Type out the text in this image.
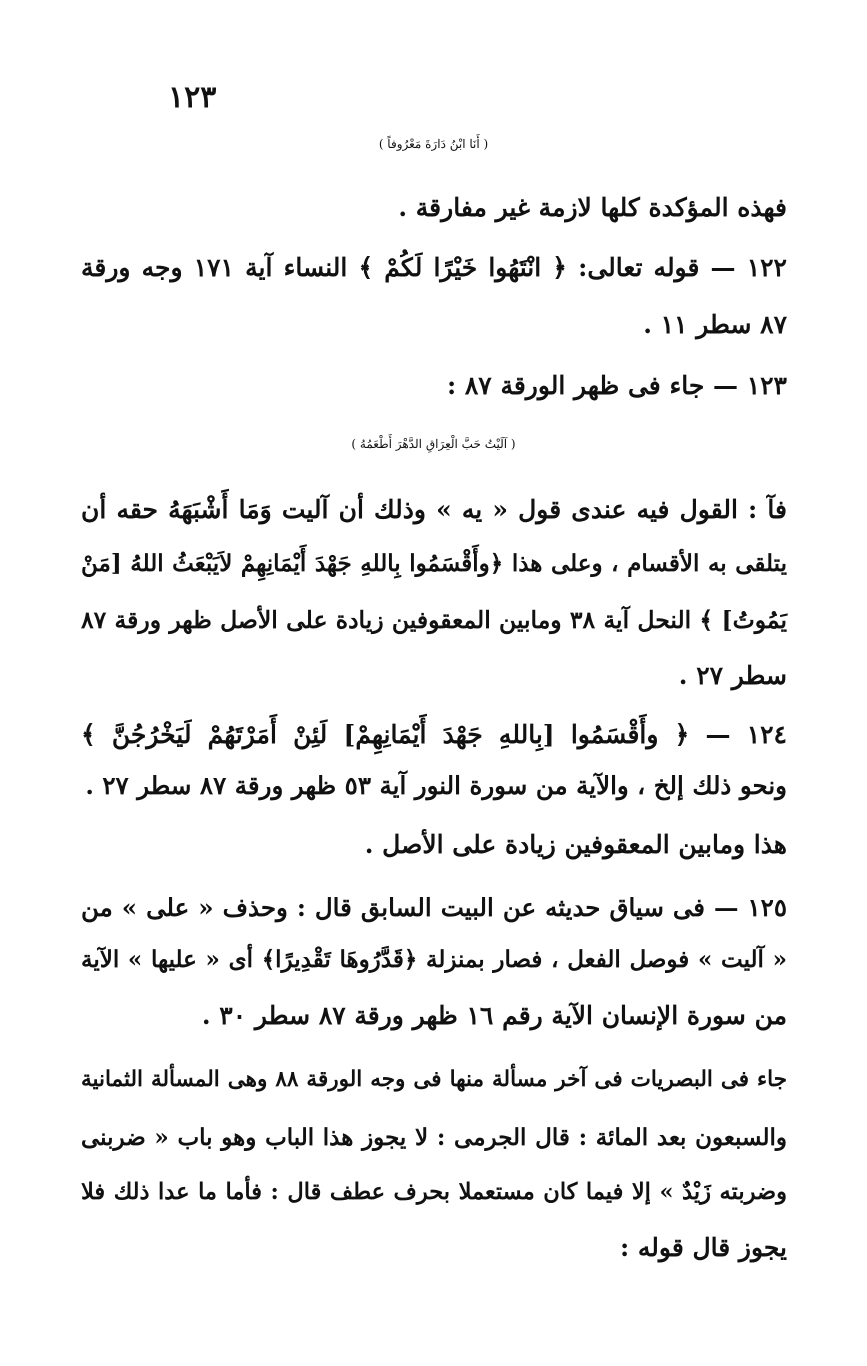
١٢٣
( أَنَا ابْنُ دَارَةَ مَعْرُوفاً )
فهذه المؤكدة كلها لازمة غير مفارقة .
١٢٢ — قوله تعالى: ﴿ انْتَهُوا خَيْرًا لَكُمْ ﴾ النساء آية ١٧١ وجه ورقة
٨٧ سطر ١١ .
١٢٣ — جاء فى ظهر الورقة ٨٧ :
( آلَيْتُ حَبَّ الْعِرَاقِ الدَّهْرَ أَطْعَمُهُ )
فآ : القول فيه عندى قول « يه » وذلك أن آليت وَمَا أَشْبَهَهُ حقه أن
يتلقى به الأقسام ، وعلى هذا ﴿وأَقْسَمُوا بِاللهِ جَهْدَ أَيْمَانِهِمْ لاَيَبْعَثُ اللهُ [مَنْ
يَمُوتُ] ﴾ النحل آية ٣٨ ومابين المعقوفين زيادة على الأصل ظهر ورقة ٨٧
سطر ٢٧ .
١٢٤ — ﴿ وأَقْسَمُوا [بِاللهِ جَهْدَ أَيْمَانِهِمْ] لَئِنْ أَمَرْتَهُمْ لَيَخْرُجُنَّ ﴾
ونحو ذلك إلخ ، والآية من سورة النور آية ٥٣ ظهر ورقة ٨٧ سطر ٢٧ .
هذا ومابين المعقوفين زيادة على الأصل .
١٢٥ — فى سياق حديثه عن البيت السابق قال : وحذف « على » من
« آليت » فوصل الفعل ، فصار بمنزلة ﴿قَدَّرُوهَا تَقْدِيرًا﴾ أى « عليها » الآية
من سورة الإنسان الآية رقم ١٦ ظهر ورقة ٨٧ سطر ٣٠ .
جاء فى البصريات فى آخر مسألة منها فى وجه الورقة ٨٨ وهى المسألة الثمانية
والسبعون بعد المائة : قال الجرمى : لا يجوز هذا الباب وهو باب « ضربنى
وضربته زَيْدٌ » إلا فيما كان مستعملا بحرف عطف قال : فأما ما عدا ذلك فلا
يجوز قال قوله :
